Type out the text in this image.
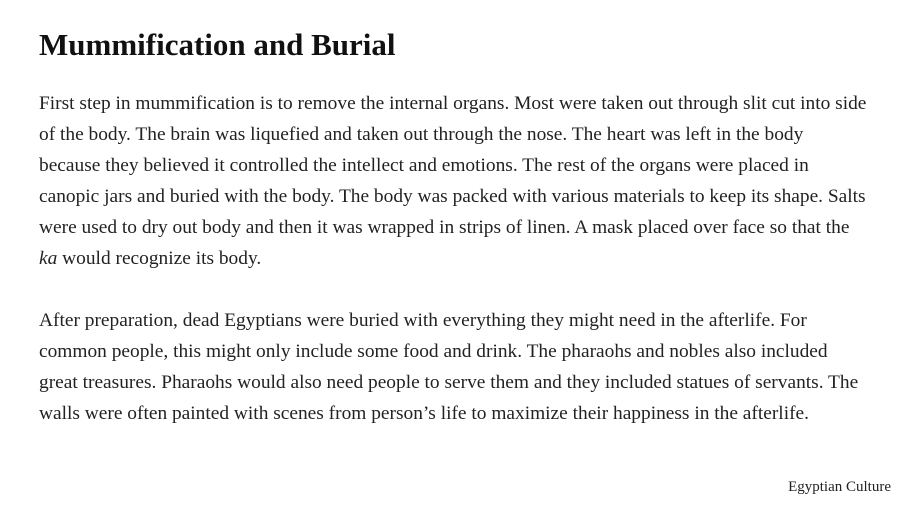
Mummification and Burial

First step in mummification is to remove the internal organs. Most were taken out through slit cut into side of the body. The brain was liquefied and taken out through the nose. The heart was left in the body because they believed it controlled the intellect and emotions. The rest of the organs were placed in canopic jars and buried with the body. The body was packed with various materials to keep its shape. Salts were used to dry out body and then it was wrapped in strips of linen. A mask placed over face so that the ka would recognize its body.

After preparation, dead Egyptians were buried with everything they might need in the afterlife. For common people, this might only include some food and drink. The pharaohs and nobles also included great treasures. Pharaohs would also need people to serve them and they included statues of servants. The walls were often painted with scenes from person’s life to maximize their happiness in the afterlife.

Egyptian Culture
